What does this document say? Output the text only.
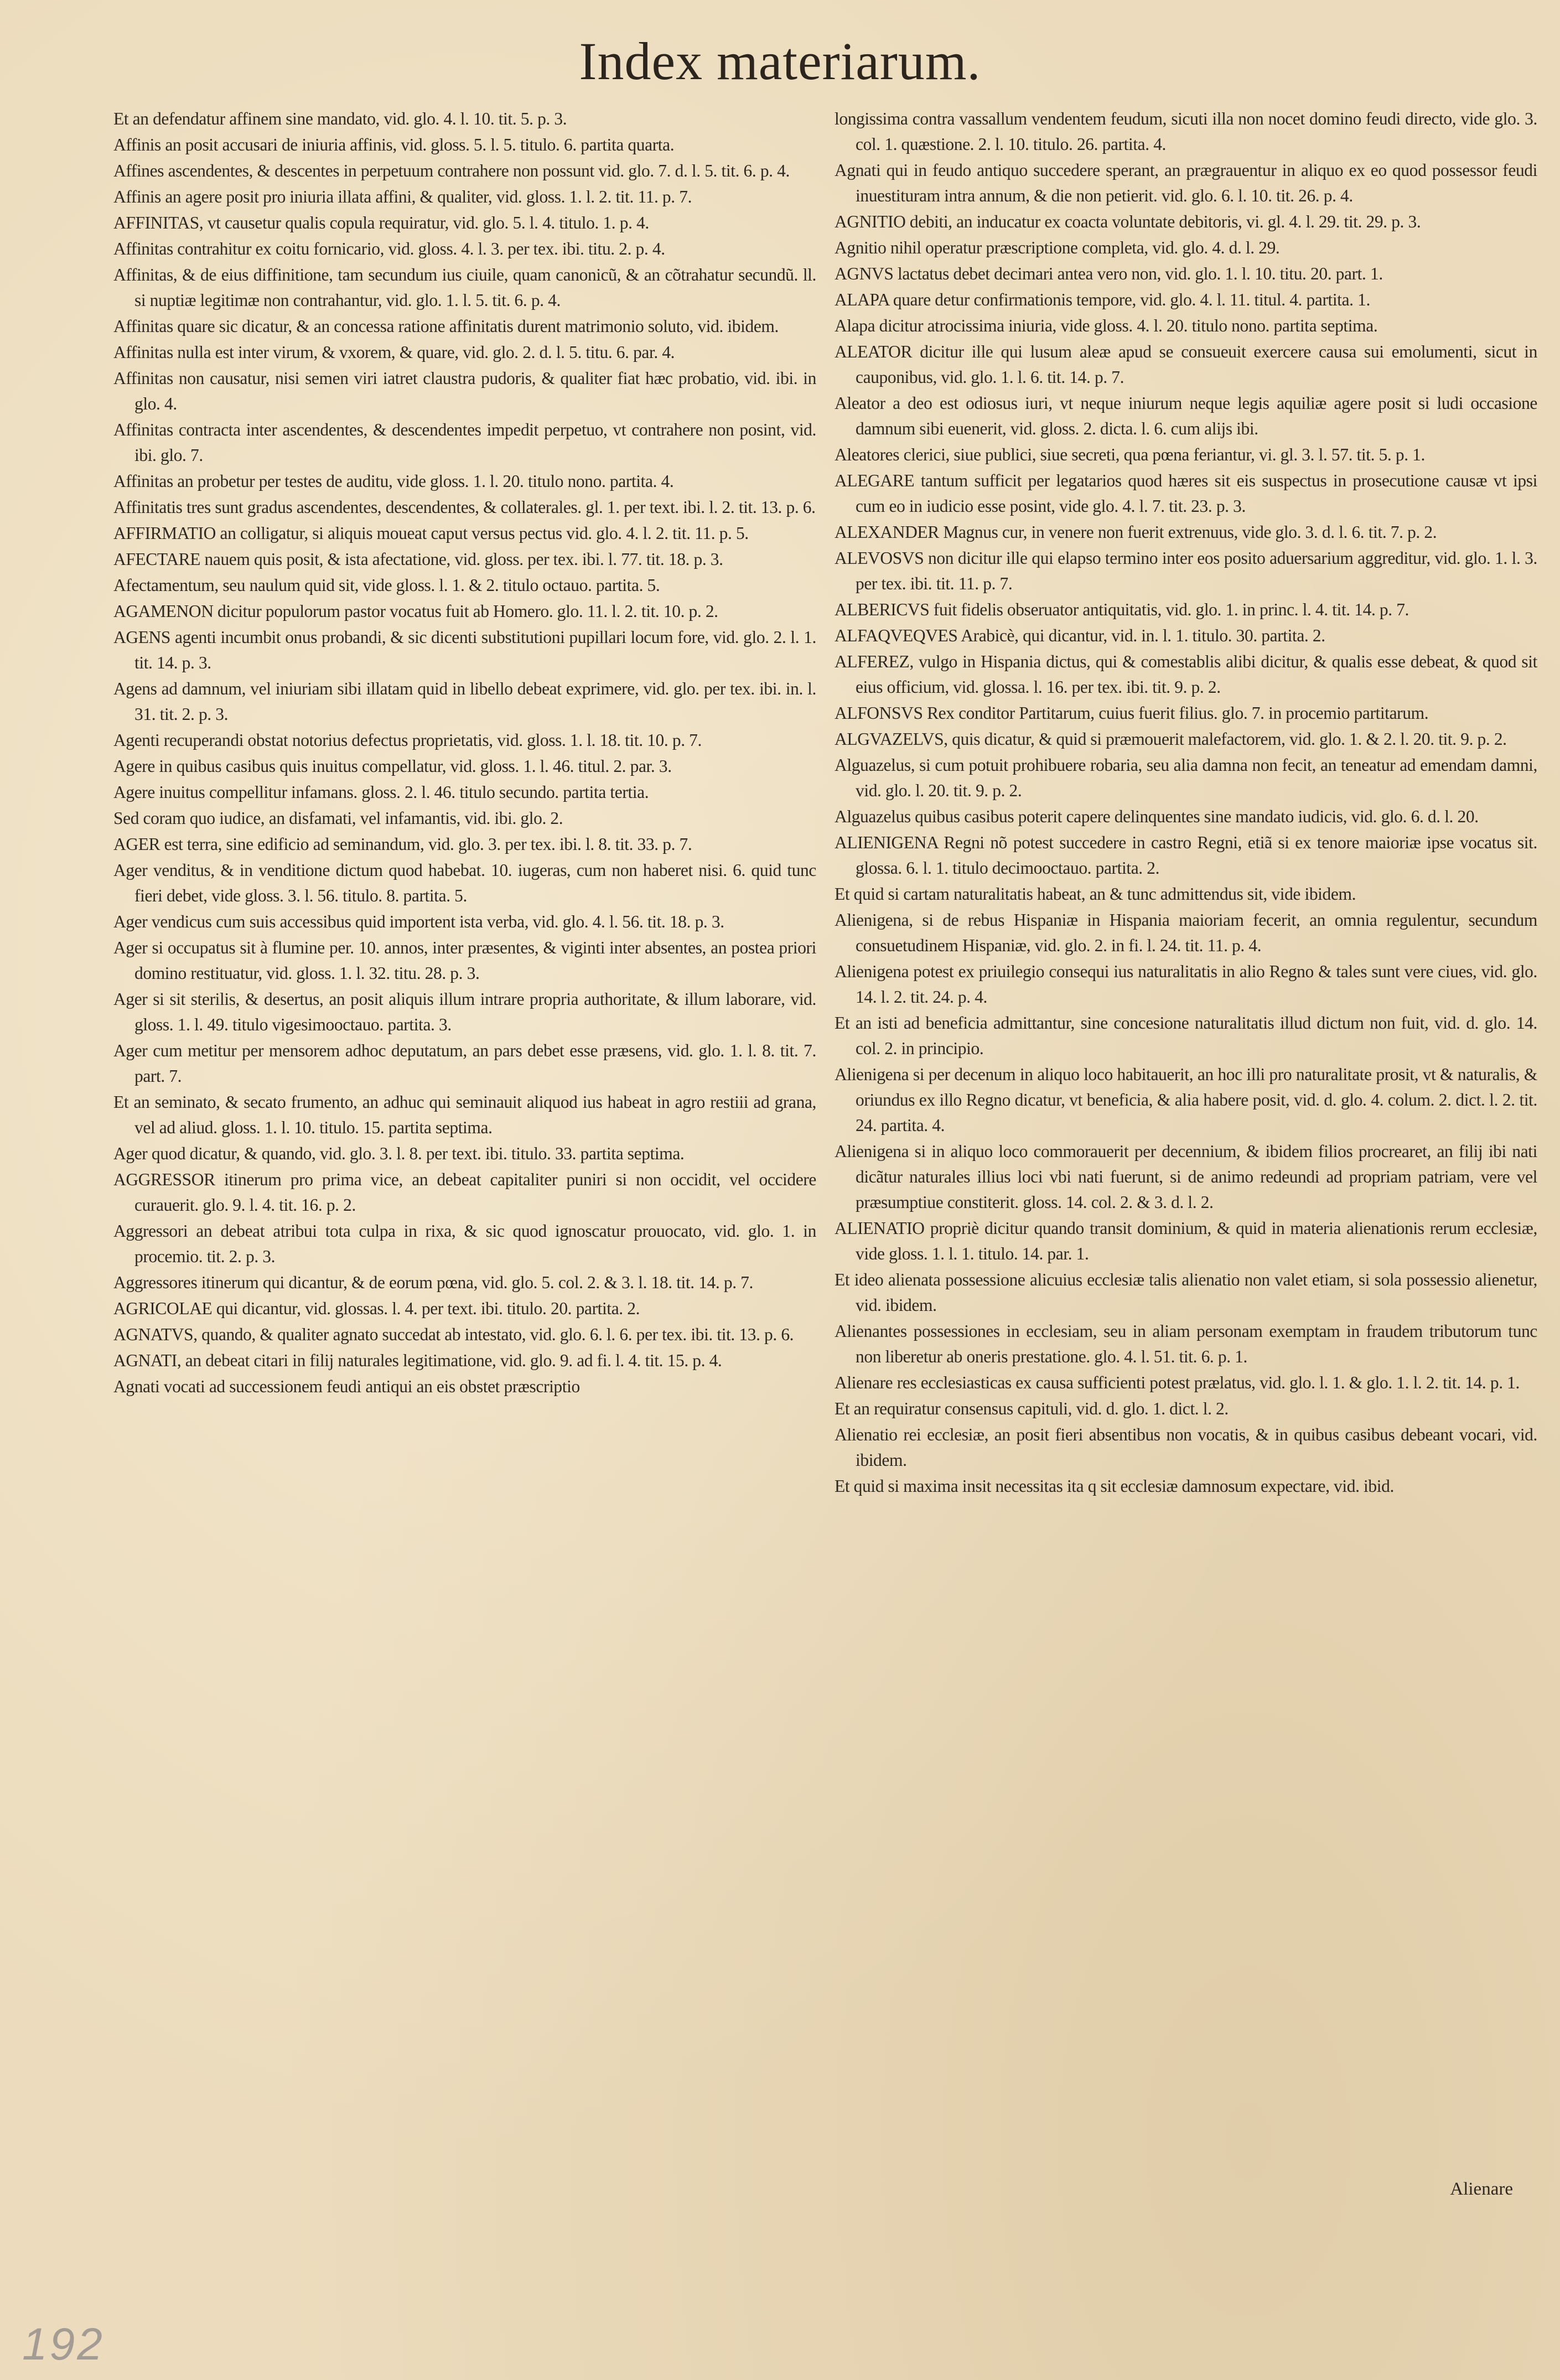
Index materiarum.

Et an defendatur affinem sine mandato, vid. glo. 4. l. 10. tit. 5. p. 3.

Affinis an posit accusari de iniuria affinis, vid. gloss. 5. l. 5. titulo. 6. partita quarta.

Affines ascendentes, & descentes in perpetuum contrahere non possunt vid. glo. 7. d. l. 5. tit. 6. p. 4.

Affinis an agere posit pro iniuria illata affini, & qualiter, vid. gloss. 1. l. 2. tit. 11. p. 7.

AFFINITAS, vt causetur qualis copula requiratur, vid. glo. 5. l. 4. titulo. 1. p. 4.

Affinitas contrahitur ex coitu fornicario, vid. gloss. 4. l. 3. per tex. ibi. titu. 2. p. 4.

Affinitas, & de eius diffinitione, tam secundum ius ciuile, quam canonicũ, & an cõtrahatur secundũ. ll. si nuptiæ legitimæ non contrahantur, vid. glo. 1. l. 5. tit. 6. p. 4.

Affinitas quare sic dicatur, & an concessa ratione affinitatis durent matrimonio soluto, vid. ibidem.

Affinitas nulla est inter virum, & vxorem, & quare, vid. glo. 2. d. l. 5. titu. 6. par. 4.

Affinitas non causatur, nisi semen viri iatret claustra pudoris, & qualiter fiat hæc probatio, vid. ibi. in glo. 4.

Affinitas contracta inter ascendentes, & descendentes impedit perpetuo, vt contrahere non posint, vid. ibi. glo. 7.

Affinitas an probetur per testes de auditu, vide gloss. 1. l. 20. titulo nono. partita. 4.

Affinitatis tres sunt gradus ascendentes, descendentes, & collaterales. gl. 1. per text. ibi. l. 2. tit. 13. p. 6.

AFFIRMATIO an colligatur, si aliquis moueat caput versus pectus vid. glo. 4. l. 2. tit. 11. p. 5.

AFECTARE nauem quis posit, & ista afectatione, vid. gloss. per tex. ibi. l. 77. tit. 18. p. 3.

Afectamentum, seu naulum quid sit, vide gloss. l. 1. & 2. titulo octauo. partita. 5.

AGAMENON dicitur populorum pastor vocatus fuit ab Homero. glo. 11. l. 2. tit. 10. p. 2.

AGENS agenti incumbit onus probandi, & sic dicenti substitutioni pupillari locum fore, vid. glo. 2. l. 1. tit. 14. p. 3.

Agens ad damnum, vel iniuriam sibi illatam quid in libello debeat exprimere, vid. glo. per tex. ibi. in. l. 31. tit. 2. p. 3.

Agenti recuperandi obstat notorius defectus proprietatis, vid. gloss. 1. l. 18. tit. 10. p. 7.

Agere in quibus casibus quis inuitus compellatur, vid. gloss. 1. l. 46. titul. 2. par. 3.

Agere inuitus compellitur infamans. gloss. 2. l. 46. titulo secundo. partita tertia.

Sed coram quo iudice, an disfamati, vel infamantis, vid. ibi. glo. 2.

AGER est terra, sine edificio ad seminandum, vid. glo. 3. per tex. ibi. l. 8. tit. 33. p. 7.

Ager venditus, & in venditione dictum quod habebat. 10. iugeras, cum non haberet nisi. 6. quid tunc fieri debet, vide gloss. 3. l. 56. titulo. 8. partita. 5.

Ager vendicus cum suis accessibus quid importent ista verba, vid. glo. 4. l. 56. tit. 18. p. 3.

Ager si occupatus sit à flumine per. 10. annos, inter præsentes, & viginti inter absentes, an postea priori domino restituatur, vid. gloss. 1. l. 32. titu. 28. p. 3.

Ager si sit sterilis, & desertus, an posit aliquis illum intrare propria authoritate, & illum laborare, vid. gloss. 1. l. 49. titulo vigesimooctauo. partita. 3.

Ager cum metitur per mensorem adhoc deputatum, an pars debet esse præsens, vid. glo. 1. l. 8. tit. 7. part. 7.

Et an seminato, & secato frumento, an adhuc qui seminauit aliquod ius habeat in agro restiii ad grana, vel ad aliud. gloss. 1. l. 10. titulo. 15. partita septima.

Ager quod dicatur, & quando, vid. glo. 3. l. 8. per text. ibi. titulo. 33. partita septima.

AGGRESSOR itinerum pro prima vice, an debeat capitaliter puniri si non occidit, vel occidere curauerit. glo. 9. l. 4. tit. 16. p. 2.

Aggressori an debeat atribui tota culpa in rixa, & sic quod ignoscatur prouocato, vid. glo. 1. in procemio. tit. 2. p. 3.

Aggressores itinerum qui dicantur, & de eorum pœna, vid. glo. 5. col. 2. & 3. l. 18. tit. 14. p. 7.

AGRICOLAE qui dicantur, vid. glossas. l. 4. per text. ibi. titulo. 20. partita. 2.

AGNATVS, quando, & qualiter agnato succedat ab intestato, vid. glo. 6. l. 6. per tex. ibi. tit. 13. p. 6.

AGNATI, an debeat citari in filij naturales legitimatione, vid. glo. 9. ad fi. l. 4. tit. 15. p. 4.

Agnati vocati ad successionem feudi antiqui an eis obstet præscriptio

longissima contra vassallum vendentem feudum, sicuti illa non nocet domino feudi directo, vide glo. 3. col. 1. quæstione. 2. l. 10. titulo. 26. partita. 4.

Agnati qui in feudo antiquo succedere sperant, an prægrauentur in aliquo ex eo quod possessor feudi inuestituram intra annum, & die non petierit. vid. glo. 6. l. 10. tit. 26. p. 4.

AGNITIO debiti, an inducatur ex coacta voluntate debitoris, vi. gl. 4. l. 29. tit. 29. p. 3.

Agnitio nihil operatur præscriptione completa, vid. glo. 4. d. l. 29.

AGNVS lactatus debet decimari antea vero non, vid. glo. 1. l. 10. titu. 20. part. 1.

ALAPA quare detur confirmationis tempore, vid. glo. 4. l. 11. titul. 4. partita. 1.

Alapa dicitur atrocissima iniuria, vide gloss. 4. l. 20. titulo nono. partita septima.

ALEATOR dicitur ille qui lusum aleæ apud se consueuit exercere causa sui emolumenti, sicut in cauponibus, vid. glo. 1. l. 6. tit. 14. p. 7.

Aleator a deo est odiosus iuri, vt neque iniurum neque legis aquiliæ agere posit si ludi occasione damnum sibi euenerit, vid. gloss. 2. dicta. l. 6. cum alijs ibi.

Aleatores clerici, siue publici, siue secreti, qua pœna feriantur, vi. gl. 3. l. 57. tit. 5. p. 1.

ALEGARE tantum sufficit per legatarios quod hæres sit eis suspectus in prosecutione causæ vt ipsi cum eo in iudicio esse posint, vide glo. 4. l. 7. tit. 23. p. 3.

ALEXANDER Magnus cur, in venere non fuerit extrenuus, vide glo. 3. d. l. 6. tit. 7. p. 2.

ALEVOSVS non dicitur ille qui elapso termino inter eos posito aduersarium aggreditur, vid. glo. 1. l. 3. per tex. ibi. tit. 11. p. 7.

ALBERICVS fuit fidelis obseruator antiquitatis, vid. glo. 1. in princ. l. 4. tit. 14. p. 7.

ALFAQVEQVES Arabicè, qui dicantur, vid. in. l. 1. titulo. 30. partita. 2.

ALFEREZ, vulgo in Hispania dictus, qui & comestablis alibi dicitur, & qualis esse debeat, & quod sit eius officium, vid. glossa. l. 16. per tex. ibi. tit. 9. p. 2.

ALFONSVS Rex conditor Partitarum, cuius fuerit filius. glo. 7. in procemio partitarum.

ALGVAZELVS, quis dicatur, & quid si præmouerit malefactorem, vid. glo. 1. & 2. l. 20. tit. 9. p. 2.

Alguazelus, si cum potuit prohibuere robaria, seu alia damna non fecit, an teneatur ad emendam damni, vid. glo. l. 20. tit. 9. p. 2.

Alguazelus quibus casibus poterit capere delinquentes sine mandato iudicis, vid. glo. 6. d. l. 20.

ALIENIGENA Regni nõ potest succedere in castro Regni, etiã si ex tenore maioriæ ipse vocatus sit. glossa. 6. l. 1. titulo decimooctauo. partita. 2.

Et quid si cartam naturalitatis habeat, an & tunc admittendus sit, vide ibidem.

Alienigena, si de rebus Hispaniæ in Hispania maioriam fecerit, an omnia regulentur, secundum consuetudinem Hispaniæ, vid. glo. 2. in fi. l. 24. tit. 11. p. 4.

Alienigena potest ex priuilegio consequi ius naturalitatis in alio Regno & tales sunt vere ciues, vid. glo. 14. l. 2. tit. 24. p. 4.

Et an isti ad beneficia admittantur, sine concesione naturalitatis illud dictum non fuit, vid. d. glo. 14. col. 2. in principio.

Alienigena si per decenum in aliquo loco habitauerit, an hoc illi pro naturalitate prosit, vt & naturalis, & oriundus ex illo Regno dicatur, vt beneficia, & alia habere posit, vid. d. glo. 4. colum. 2. dict. l. 2. tit. 24. partita. 4.

Alienigena si in aliquo loco commorauerit per decennium, & ibidem filios procrearet, an filij ibi nati dicãtur naturales illius loci vbi nati fuerunt, si de animo redeundi ad propriam patriam, vere vel præsumptiue constiterit. gloss. 14. col. 2. & 3. d. l. 2.

ALIENATIO propriè dicitur quando transit dominium, & quid in materia alienationis rerum ecclesiæ, vide gloss. 1. l. 1. titulo. 14. par. 1.

Et ideo alienata possessione alicuius ecclesiæ talis alienatio non valet etiam, si sola possessio alienetur, vid. ibidem.

Alienantes possessiones in ecclesiam, seu in aliam personam exemptam in fraudem tributorum tunc non liberetur ab oneris prestatione. glo. 4. l. 51. tit. 6. p. 1.

Alienare res ecclesiasticas ex causa sufficienti potest prælatus, vid. glo. l. 1. & glo. 1. l. 2. tit. 14. p. 1.

Et an requiratur consensus capituli, vid. d. glo. 1. dict. l. 2.

Alienatio rei ecclesiæ, an posit fieri absentibus non vocatis, & in quibus casibus debeant vocari, vid. ibidem.

Et quid si maxima insit necessitas ita q sit ecclesiæ damnosum expectare, vid. ibid.

Alienare
192
